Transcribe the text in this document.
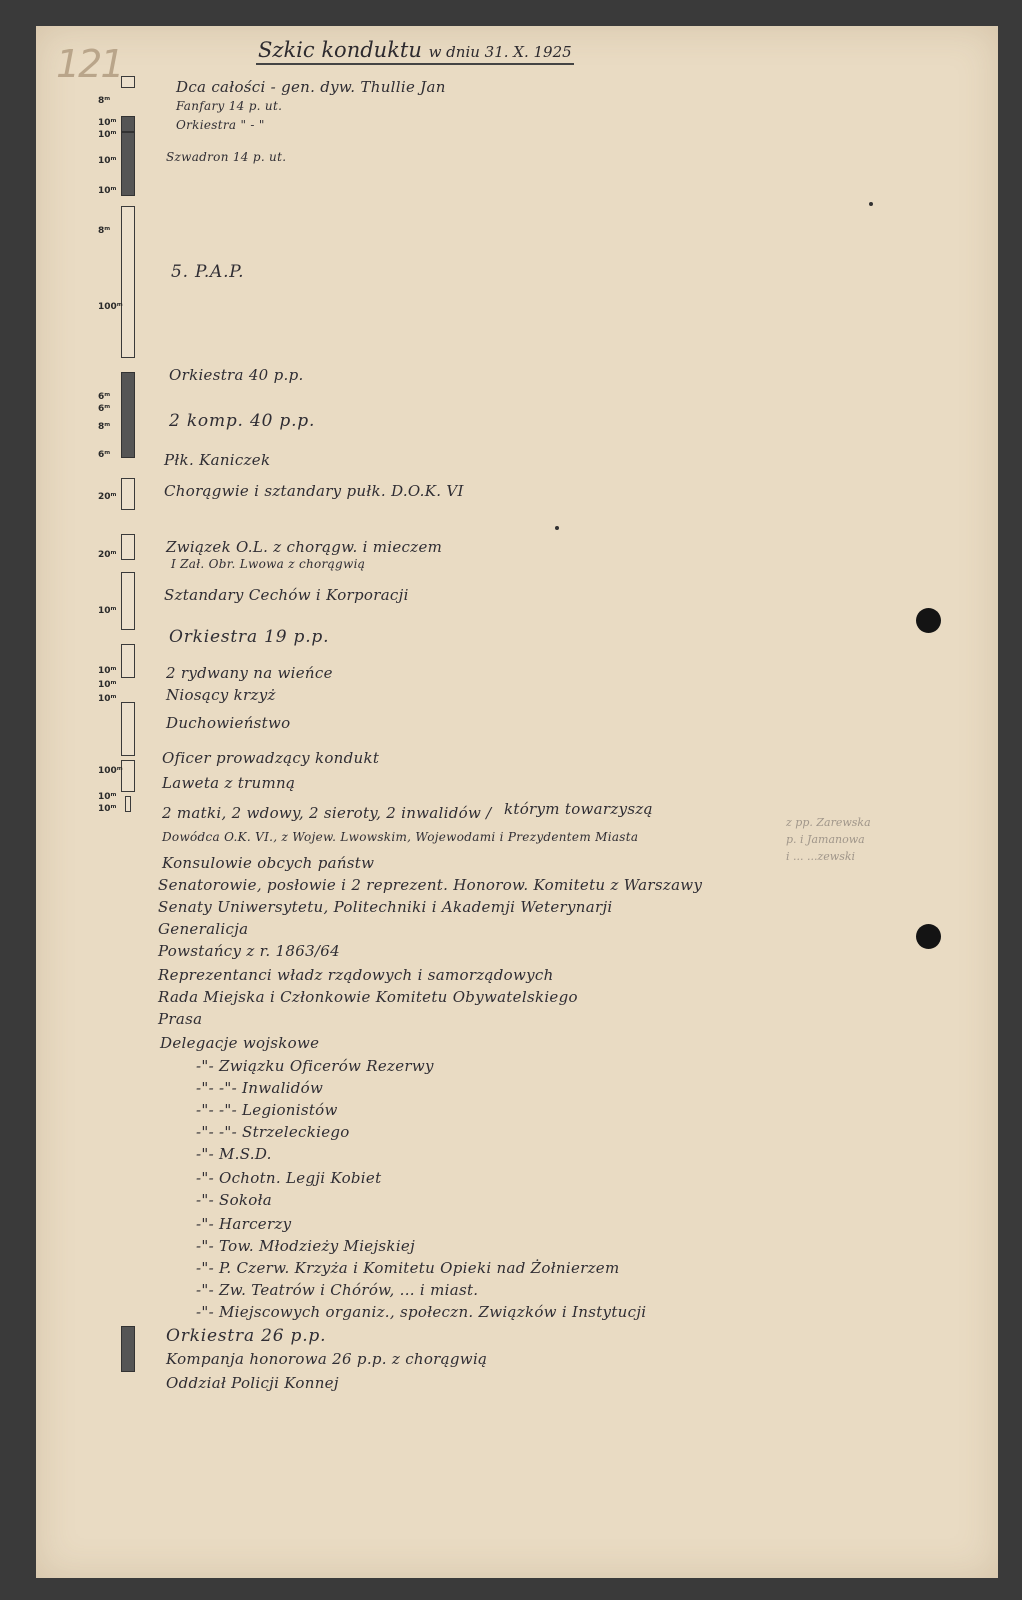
121	Szkic konduktu w dniu 31. X. 1925
8ᵐ
10ᵐ
10ᵐ
10ᵐ
10ᵐ
8ᵐ
100ᵐ
6ᵐ
6ᵐ
8ᵐ
6ᵐ
20ᵐ
20ᵐ
10ᵐ
10ᵐ
10ᵐ
10ᵐ
100ᵐ
10ᵐ
10ᵐ
Dca całości - gen. dyw. Thullie Jan
Fanfary 14 p. ut.
Orkiestra " - "
Szwadron 14 p. ut.
5. P.A.P.
Orkiestra 40 p.p.
2 komp. 40 p.p.
Płk. Kaniczek
Chorągwie i sztandary pułk. D.O.K. VI
Związek O.L. z chorągw. i mieczem
I Zał. Obr. Lwowa z chorągwią
Sztandary Cechów i Korporacji
Orkiestra 19 p.p.
2 rydwany na wieńce
Niosący krzyż
Duchowieństwo
Oficer prowadzący kondukt
Laweta z trumną
2 matki, 2 wdowy, 2 sieroty, 2 inwalidów / którym towarzyszą
Dowódca O.K. VI., z Wojew. Lwowskim, Wojewodami i Prezydentem Miasta
Konsulowie obcych państw
Senatorowie, posłowie i 2 reprezent. Honorow. Komitetu z Warszawy
Senaty Uniwersytetu, Politechniki i Akademji Weterynarji
Generalicja
Powstańcy z r. 1863/64
Reprezentanci władz rządowych i samorządowych
Rada Miejska i Członkowie Komitetu Obywatelskiego
Prasa
Delegacje wojskowe
-"- Związku Oficerów Rezerwy
-"- -"- Inwalidów
-"- -"- Legionistów
-"- -"- Strzeleckiego
-"- M.S.D.
-"- Ochotn. Legji Kobiet
-"- Sokoła
-"- Harcerzy
-"- Tow. Młodzieży Miejskiej
-"- P. Czerw. Krzyża i Komitetu Opieki nad Żołnierzem
-"- Zw. Teatrów i Chórów, ... i miast.
-"- Miejscowych organiz., społeczn. Związków i Instytucji
Orkiestra 26 p.p.
Kompanja honorowa 26 p.p. z chorągwią
Oddział Policji Konnej
z pp. Zarewska
p. i Jamanowa
i ... ...zewski
